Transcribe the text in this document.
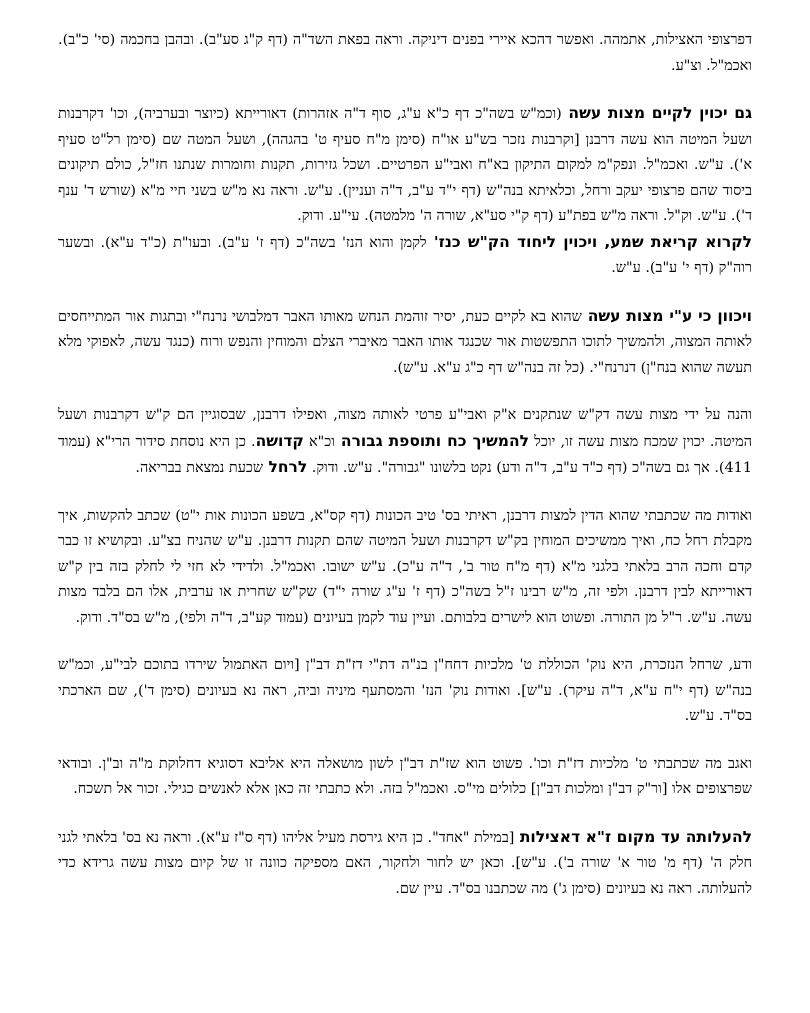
דפרצופי האצילות, אתמהה. ואפשר דהכא איירי בפנים דיניקה. וראה בפאת השד"ה (דף ק"ג סע"ב). ובהבן בחכמה (סי' כ"ב). ואכמ"ל. וצ"ע.

גם יכוין לקיים מצות עשה (וכמ"ש בשה"כ דף כ"א ע"ג, סוף ד"ה אזהרות) דאורייתא (כיוצר ובערביה), וכו' דקרבנות ושעל המיטה הוא עשה דרבנן [וקרבנות נזכר בש"ע או"ח (סימן מ"ח סעיף ט' בהגהה), ושעל המטה שם (סימן רל"ט סעיף א'). ע"ש. ואכמ"ל. ונפק"מ למקום התיקון בא"ח ואבי"ע הפרטיים. ושכל גזירות, תקנות וחומרות שנתנו חז"ל, כולם תיקונים ביסוד שהם פרצופי יעקב ורחל, וכלאיתא בנה"ש (דף י"ד ע"ב, ד"ה ועניין). ע"ש. וראה נא מ"ש בשני חיי מ"א (שורש ד' ענף ד'). ע"ש. וק"ל. וראה מ"ש בפת"ע (דף ק"י סע"א, שורה ה' מלמטה). עי"ע. ודוק.

לקרוא קריאת שמע, ויכוין ליחוד הק"ש כנז' לקמן והוא הנז' בשה"כ (דף ז' ע"ב). ובעו"ת (כ"ד ע"א). ובשער רוה"ק (דף י' ע"ב). ע"ש.

ויכוון כי ע"י מצות עשה שהוא בא לקיים כעת, יסיר זוהמת הנחש מאותו האבר דמלבושי נרנח"י ובתגות אור המתייחסים לאותה המצוה, ולהמשיך לתוכו התפשטות אור שכנגד אותו האבר מאיברי הצלם והמוחין והנפש ורוח (כנגד עשה, לאפוקי מלא תעשה שהוא בנח"ן) דנרנח"י. (כל זה בנה"ש דף כ"ג ע"א. ע"ש).

והנה על ידי מצות עשה דק"ש שנתקנים א"ק ואבי"ע פרטי לאותה מצוה, ואפילו דרבנן, שבסוגיין הם ק"ש דקרבנות ושעל המיטה. יכוין שמכח מצות עשה זו, יוכל להמשיך כח ותוספת גבורה וכ"א קדושה. כן היא נוסחת סידור הרי"א (עמוד 411). אך גם בשה"כ (דף כ"ד ע"ב, ד"ה ודע) נקט בלשונו "גבורה". ע"ש. ודוק. לרחל שכעת נמצאת בבריאה.

ואודות מה שכתבתי שהוא הדין למצות דרבנן, ראיתי בס' טיב הכונות (דף קס"א, בשפע הכונות אות י"ט) שכתב להקשות, איך מקבלת רחל כח, ואיך ממשיכים המוחין בק"ש דקרבנות ושעל המיטה שהם תקנות דרבנן. ע"ש שהניח בצ"ע. ובקושיא זו כבר קדם וחכה הרב בלאתי בלגני מ"א (דף מ"ח טור ב', ד"ה ע"כ). ע"ש ישובו. ואכמ"ל. ולדידי לא חזי לי לחלק בזה בין ק"ש דאורייתא לבין דרבנן. ולפי זה, מ"ש רבינו ז"ל בשה"כ (דף ז' ע"ג שורה י"ד) שק"ש שחרית או ערבית, אלו הם בלבד מצות עשה. ע"ש. ר"ל מן התורה. ופשוט הוא לישרים בלבותם. ועיין עוד לקמן בעיונים (עמוד קע"ב, ד"ה ולפי), מ"ש בס"ד. ודוק.

ודע, שרחל הנזכרת, היא נוק' הכוללת ט' מלכיות דחח"ן בנ"ה דת"י דז"ת דב"ן [ויום האתמול שירדו בתוכם לבי"ע, וכמ"ש בנה"ש (דף י"ח ע"א, ד"ה עיקר). ע"ש]. ואודות נוק' הנז' והמסתעף מיניה וביה, ראה נא בעיונים (סימן ד'), שם הארכתי בס"ד. ע"ש.

ואגב מה שכתבתי ט' מלכיות דז"ת וכו'. פשוט הוא שז"ת דב"ן לשון מושאלה היא אליבא דסוגיא דחלוקת מ"ה וב"ן. ובודאי שפרצופים אלו [ור"ק דב"ן ומלכות דב"ן] כלולים מי"ס. ואכמ"ל בזה. ולא כתבתי זה כאן אלא לאנשים כגילי. זכור אל תשכח.

להעלותה עד מקום ז"א דאצילות [במילת "אחד". כן היא גירסת מעיל אליהו (דף ס"ז ע"א). וראה נא בס' בלאתי לגני חלק ה' (דף מ' טור א' שורה ב'). ע"ש]. וכאן יש לחור ולחקור, האם מספיקה כוונה זו של קיום מצות עשה גרידא כדי להעלותה. ראה נא בעיונים (סימן ג') מה שכתבנו בס"ד. עיין שם.
